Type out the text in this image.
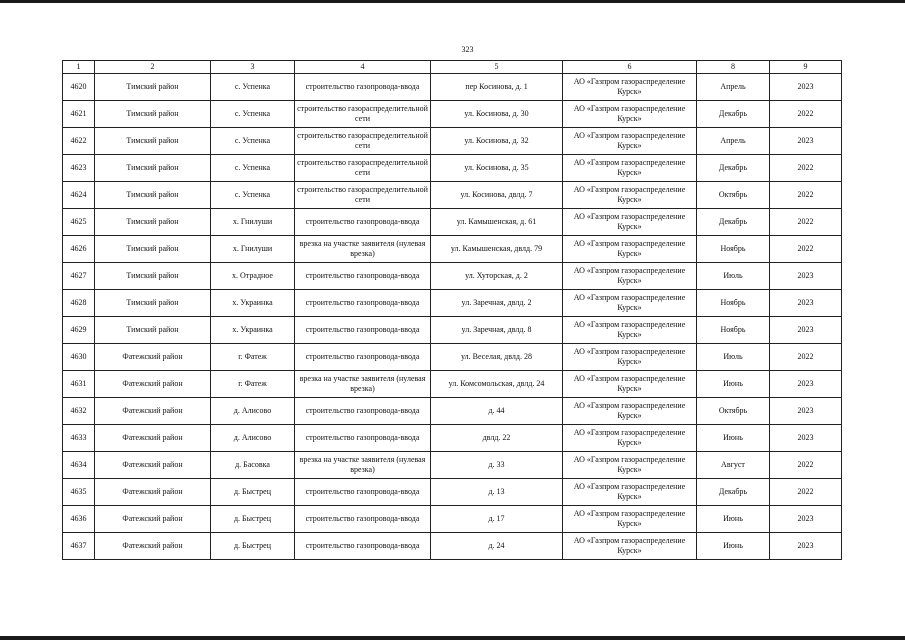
323
1	2	3	4	5	6	8	9
4620	Тимский район	с. Успенка	строительство газопровода-ввода	пер Косинова, д. 1	АО «Газпром газораспределение Курск»	Апрель	2023
4621	Тимский район	с. Успенка	строительство газораспределительной сети	ул. Косинова, д. 30	АО «Газпром газораспределение Курск»	Декабрь	2022
4622	Тимский район	с. Успенка	строительство газораспределительной сети	ул. Косинова, д. 32	АО «Газпром газораспределение Курск»	Апрель	2023
4623	Тимский район	с. Успенка	строительство газораспределительной сети	ул. Косинова, д. 35	АО «Газпром газораспределение Курск»	Декабрь	2022
4624	Тимский район	с. Успенка	строительство газораспределительной сети	ул. Косинова, двлд. 7	АО «Газпром газораспределение Курск»	Октябрь	2022
4625	Тимский район	х. Гнилуши	строительство газопровода-ввода	ул. Камышенская, д. 61	АО «Газпром газораспределение Курск»	Декабрь	2022
4626	Тимский район	х. Гнилуши	врезка на участке заявителя (нулевая врезка)	ул. Камышенская, двлд. 79	АО «Газпром газораспределение Курск»	Ноябрь	2022
4627	Тимский район	х. Отрадное	строительство газопровода-ввода	ул. Хуторская, д. 2	АО «Газпром газораспределение Курск»	Июль	2023
4628	Тимский район	х. Украинка	строительство газопровода-ввода	ул. Заречная, двлд. 2	АО «Газпром газораспределение Курск»	Ноябрь	2023
4629	Тимский район	х. Украинка	строительство газопровода-ввода	ул. Заречная, двлд. 8	АО «Газпром газораспределение Курск»	Ноябрь	2023
4630	Фатежский район	г. Фатеж	строительство газопровода-ввода	ул. Веселая, двлд. 28	АО «Газпром газораспределение Курск»	Июль	2022
4631	Фатежский район	г. Фатеж	врезка на участке заявителя (нулевая врезка)	ул. Комсомольская, двлд. 24	АО «Газпром газораспределение Курск»	Июнь	2023
4632	Фатежский район	д. Алисово	строительство газопровода-ввода	д. 44	АО «Газпром газораспределение Курск»	Октябрь	2023
4633	Фатежский район	д. Алисово	строительство газопровода-ввода	двлд. 22	АО «Газпром газораспределение Курск»	Июнь	2023
4634	Фатежский район	д. Басовка	врезка на участке заявителя (нулевая врезка)	д. 33	АО «Газпром газораспределение Курск»	Август	2022
4635	Фатежский район	д. Быстрец	строительство газопровода-ввода	д. 13	АО «Газпром газораспределение Курск»	Декабрь	2022
4636	Фатежский район	д. Быстрец	строительство газопровода-ввода	д. 17	АО «Газпром газораспределение Курск»	Июнь	2023
4637	Фатежский район	д. Быстрец	строительство газопровода-ввода	д. 24	АО «Газпром газораспределение Курск»	Июнь	2023
